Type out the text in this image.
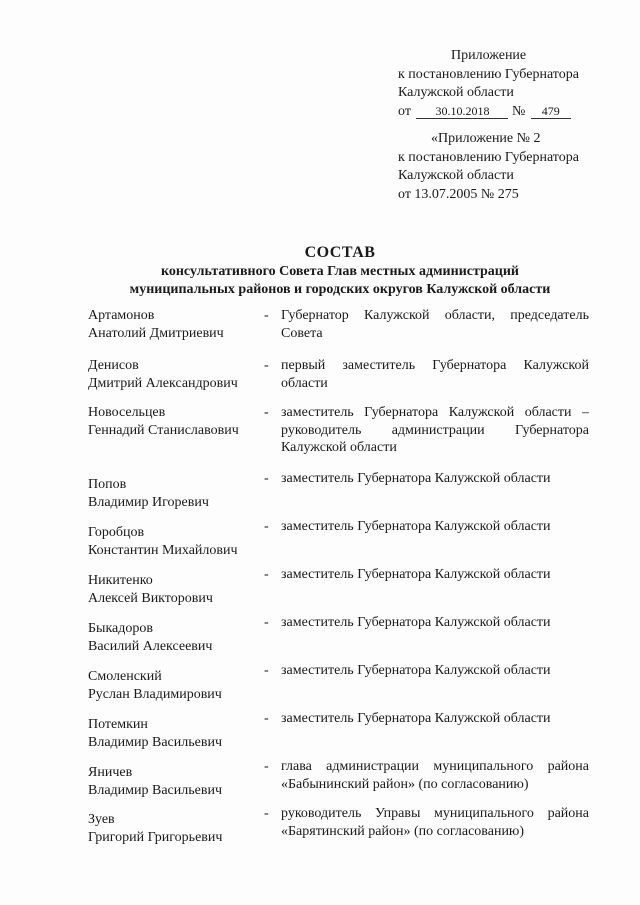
Приложение
к постановлению Губернатора
Калужской области
от 30.10.2018 № 479
«Приложение № 2
к постановлению Губернатора
Калужской области
от 13.07.2005 № 275
СОСТАВ
консультативного Совета Глав местных администраций
муниципальных районов и городских округов Калужской области
Артамонов
Анатолий Дмитриевич
- Губернатор Калужской области, председатель Совета
Денисов
Дмитрий Александрович
- первый заместитель Губернатора Калужской области
Новосельцев
Геннадий Станиславович
- заместитель Губернатора Калужской области – руководитель администрации Губернатора Калужской области
Попов
Владимир Игоревич
- заместитель Губернатора Калужской области
Горобцов
Константин Михайлович
- заместитель Губернатора Калужской области
Никитенко
Алексей Викторович
- заместитель Губернатора Калужской области
Быкадоров
Василий Алексеевич
- заместитель Губернатора Калужской области
Смоленский
Руслан Владимирович
- заместитель Губернатора Калужской области
Потемкин
Владимир Васильевич
- заместитель Губернатора Калужской области
Яничев
Владимир Васильевич
- глава администрации муниципального района «Бабынинский район» (по согласованию)
Зуев
Григорий Григорьевич
- руководитель Управы муниципального района «Барятинский район» (по согласованию)
